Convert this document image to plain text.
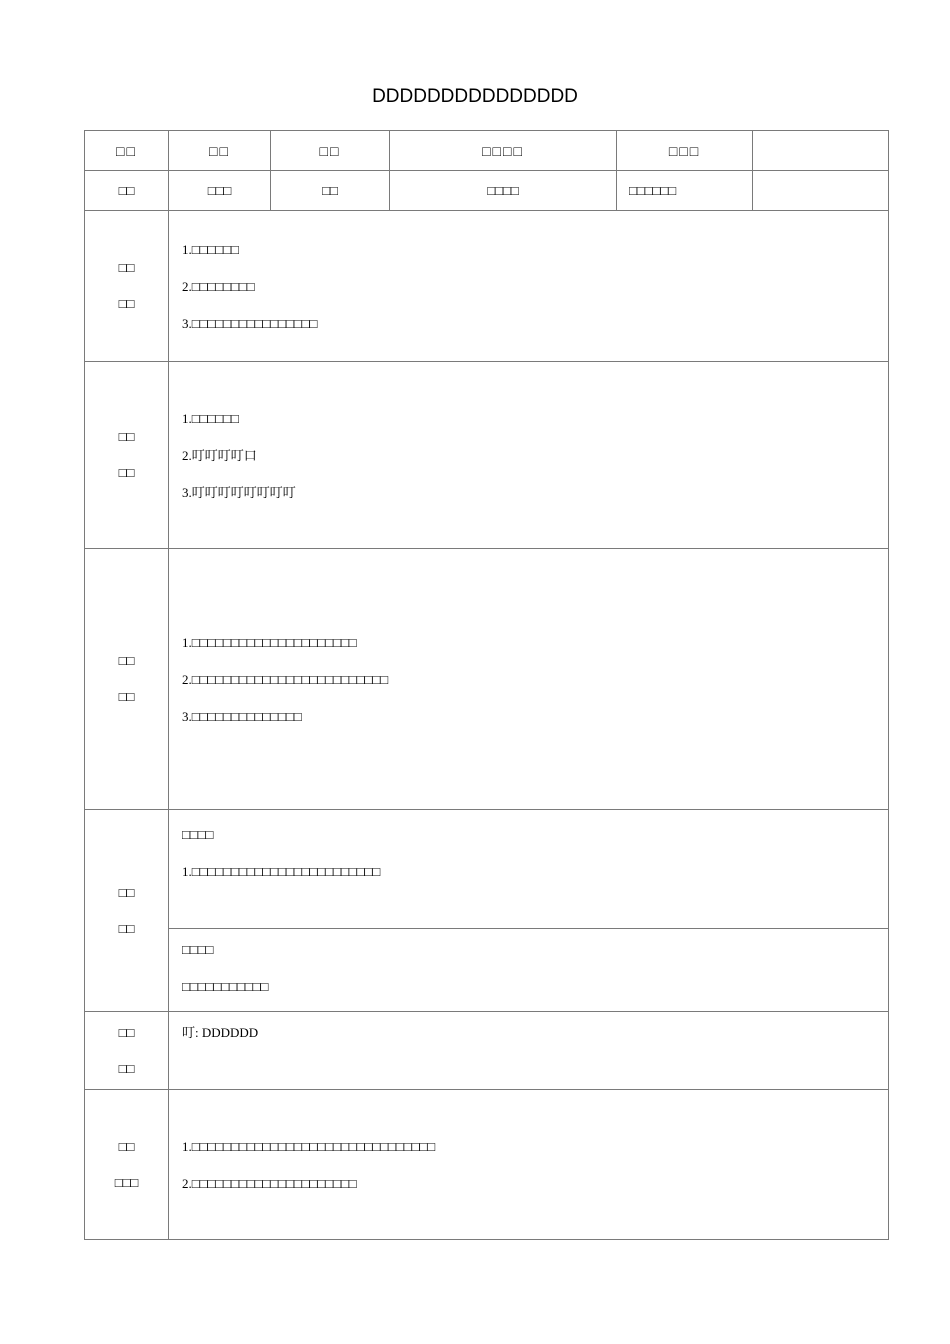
DDDDDDDDDDDDDDD
□□	□□	□□	□□□□	□□□	
□□	□□□	□□	□□□□	□□□□□□	

□□
□□	1.□□□□□□
2.□□□□□□□□
3.□□□□□□□□□□□□□□□□				

□□
□□	1.□□□□□□
2.叮叮叮叮口
3.叮叮叮叮叮叮叮叮				

□□
□□	1.□□□□□□□□□□□□□□□□□□□□□
2.□□□□□□□□□□□□□□□□□□□□□□□□□
3.□□□□□□□□□□□□□□				

□□
□□	□□□□
1.□□□□□□□□□□□□□□□□□□□□□□□□				

	□□□□
□□□□□□□□□□□				

□□
□□	叮: DDDDDD				

□□
□□□	1.□□□□□□□□□□□□□□□□□□□□□□□□□□□□□□□
2.□□□□□□□□□□□□□□□□□□□□□				
